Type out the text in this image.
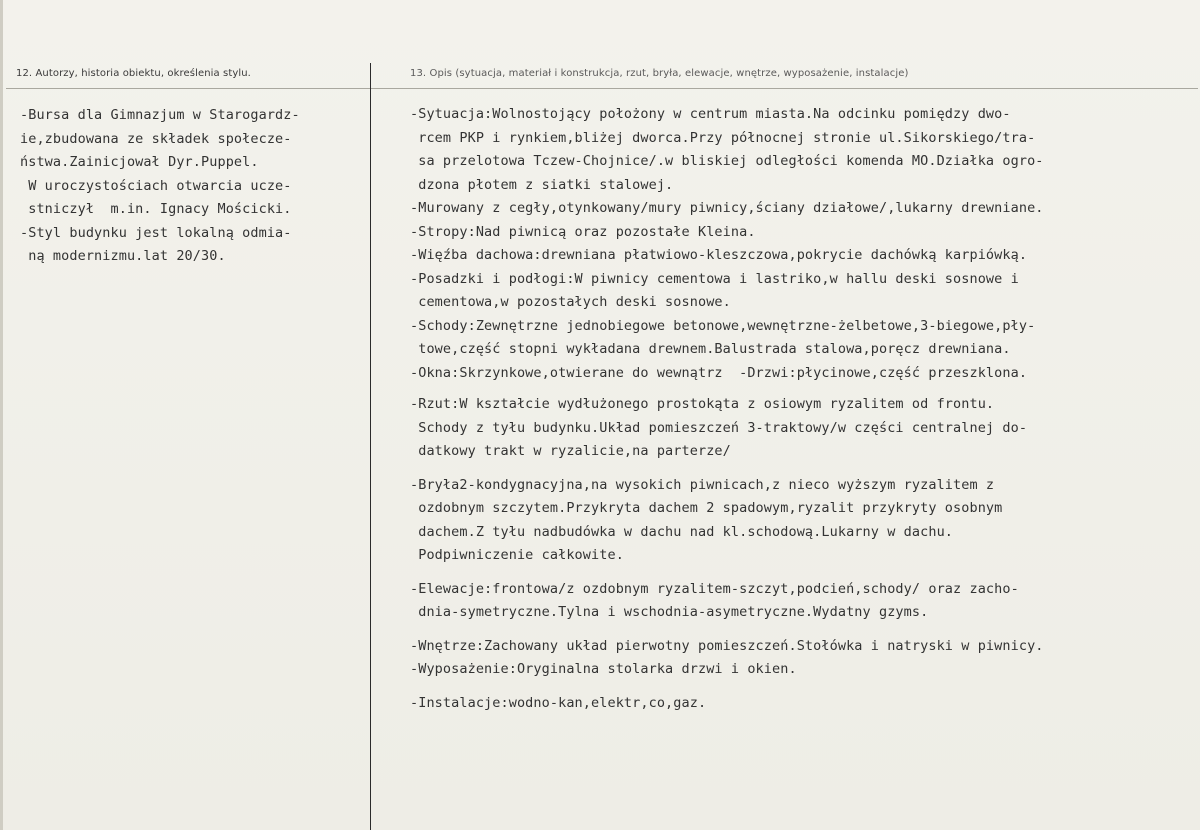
12. Autorzy, historia obiektu, określenia stylu.	13. Opis (sytuacja, materiał i konstrukcja, rzut, bryła, elewacje, wnętrze, wyposażenie, instalacje)
-Bursa dla Gimnazjum w Starogardz-
ie,zbudowana ze składek społecze-
ństwa.Zainicjował Dyr.Puppel.
W uroczystościach otwarcia ucze-
stniczył  m.in. Ignacy Mościcki.
-Styl budynku jest lokalną odmia-
ną modernizmu.lat 20/30.
-Sytuacja:Wolnostojący położony w centrum miasta.Na odcinku pomiędzy dwo-
rcem PKP i rynkiem,bliżej dworca.Przy północnej stronie ul.Sikorskiego/tra-
sa przelotowa Tczew-Chojnice/.w bliskiej odległości komenda MO.Działka ogro-
dzona płotem z siatki stalowej.
-Murowany z cegły,otynkowany/mury piwnicy,ściany działowe/,lukarny drewniane.
-Stropy:Nad piwnicą oraz pozostałe Kleina.
-Więźba dachowa:drewniana płatwiowo-kleszczowa,pokrycie dachówką karpiówką.
-Posadzki i podłogi:W piwnicy cementowa i lastriko,w hallu deski sosnowe i
cementowa,w pozostałych deski sosnowe.
-Schody:Zewnętrzne jednobiegowe betonowe,wewnętrzne-żelbetowe,3-biegowe,pły-
towe,część stopni wykładana drewnem.Balustrada stalowa,poręcz drewniana.
-Okna:Skrzynkowe,otwierane do wewnątrz  -Drzwi:płycinowe,część przeszklona.
-Rzut:W kształcie wydłużonego prostokąta z osiowym ryzalitem od frontu.
Schody z tyłu budynku.Układ pomieszczeń 3-traktowy/w części centralnej do-
datkowy trakt w ryzalicie,na parterze/
-Bryła2-kondygnacyjna,na wysokich piwnicach,z nieco wyższym ryzalitem z
ozdobnym szczytem.Przykryta dachem 2 spadowym,ryzalit przykryty osobnym
dachem.Z tyłu nadbudówka w dachu nad kl.schodową.Lukarny w dachu.
Podpiwniczenie całkowite.
-Elewacje:frontowa/z ozdobnym ryzalitem-szczyt,podcień,schody/ oraz zacho-
dnia-symetryczne.Tylna i wschodnia-asymetryczne.Wydatny gzyms.
-Wnętrze:Zachowany układ pierwotny pomieszczeń.Stołówka i natryski w piwnicy.
-Wyposażenie:Oryginalna stolarka drzwi i okien.
-Instalacje:wodno-kan,elektr,co,gaz.
